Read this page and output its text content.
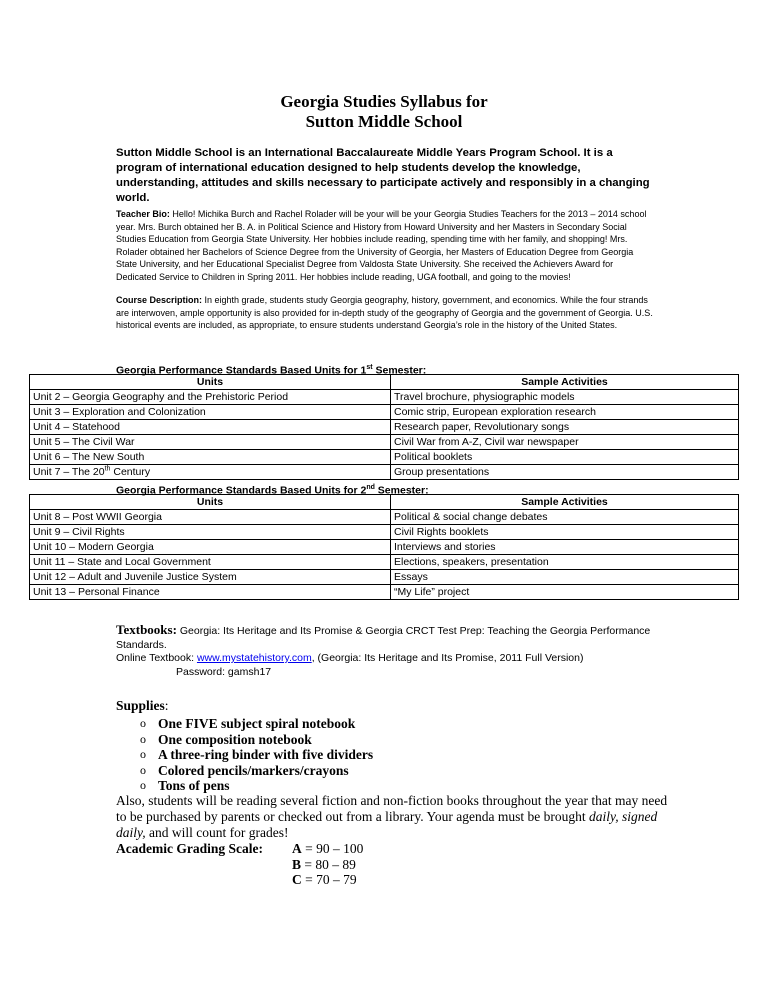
Georgia Studies Syllabus for
Sutton Middle School
Sutton Middle School is an International Baccalaureate Middle Years Program School. It is a program of international education designed to help students develop the knowledge, understanding, attitudes and skills necessary to participate actively and responsibly in a changing world.
Teacher Bio: Hello! Michika Burch and Rachel Rolader will be your will be your Georgia Studies Teachers for the 2013 – 2014 school year. Mrs. Burch obtained her B. A. in Political Science and History from Howard University and her Masters in Secondary Social Studies Education from Georgia State University. Her hobbies include reading, spending time with her family, and shopping! Mrs. Rolader obtained her Bachelors of Science Degree from the University of Georgia, her Masters of Education Degree from Georgia State University, and her Educational Specialist Degree from Valdosta State University. She received the Achievers Award for Dedicated Service to Children in Spring 2011. Her hobbies include reading, UGA football, and going to the movies!
Course Description: In eighth grade, students study Georgia geography, history, government, and economics. While the four strands are interwoven, ample opportunity is also provided for in-depth study of the geography of Georgia and the government of Georgia. U.S. historical events are included, as appropriate, to ensure students understand Georgia’s role in the history of the United States.
Georgia Performance Standards Based Units for 1st Semester:
Units	Sample Activities
Unit 2 – Georgia Geography and the Prehistoric Period	Travel brochure, physiographic models
Unit 3 – Exploration and Colonization	Comic strip, European exploration research
Unit 4 – Statehood	Research paper, Revolutionary songs
Unit 5 – The Civil War	Civil War from A-Z, Civil war newspaper
Unit 6 – The New South	Political booklets
Unit 7 – The 20th Century	Group presentations
Georgia Performance Standards Based Units for 2nd Semester:
Units	Sample Activities
Unit 8 – Post WWII Georgia	Political & social change debates
Unit 9 – Civil Rights	Civil Rights booklets
Unit 10 – Modern Georgia	Interviews and stories
Unit 11 – State and Local Government	Elections, speakers, presentation
Unit 12 – Adult and Juvenile Justice System	Essays
Unit 13 – Personal Finance	“My Life” project
Textbooks: Georgia: Its Heritage and Its Promise & Georgia CRCT Test Prep: Teaching the Georgia Performance Standards.
Online Textbook: www.mystatehistory.com, (Georgia: Its Heritage and Its Promise, 2011 Full Version)
Password: gamsh17
Supplies:
o One FIVE subject spiral notebook
o One composition notebook
o A three-ring binder with five dividers
o Colored pencils/markers/crayons
o Tons of pens
Also, students will be reading several fiction and non-fiction books throughout the year that may need to be purchased by parents or checked out from a library. Your agenda must be brought daily, signed daily, and will count for grades!
Academic Grading Scale: A = 90 – 100
B = 80 – 89
C = 70 – 79
